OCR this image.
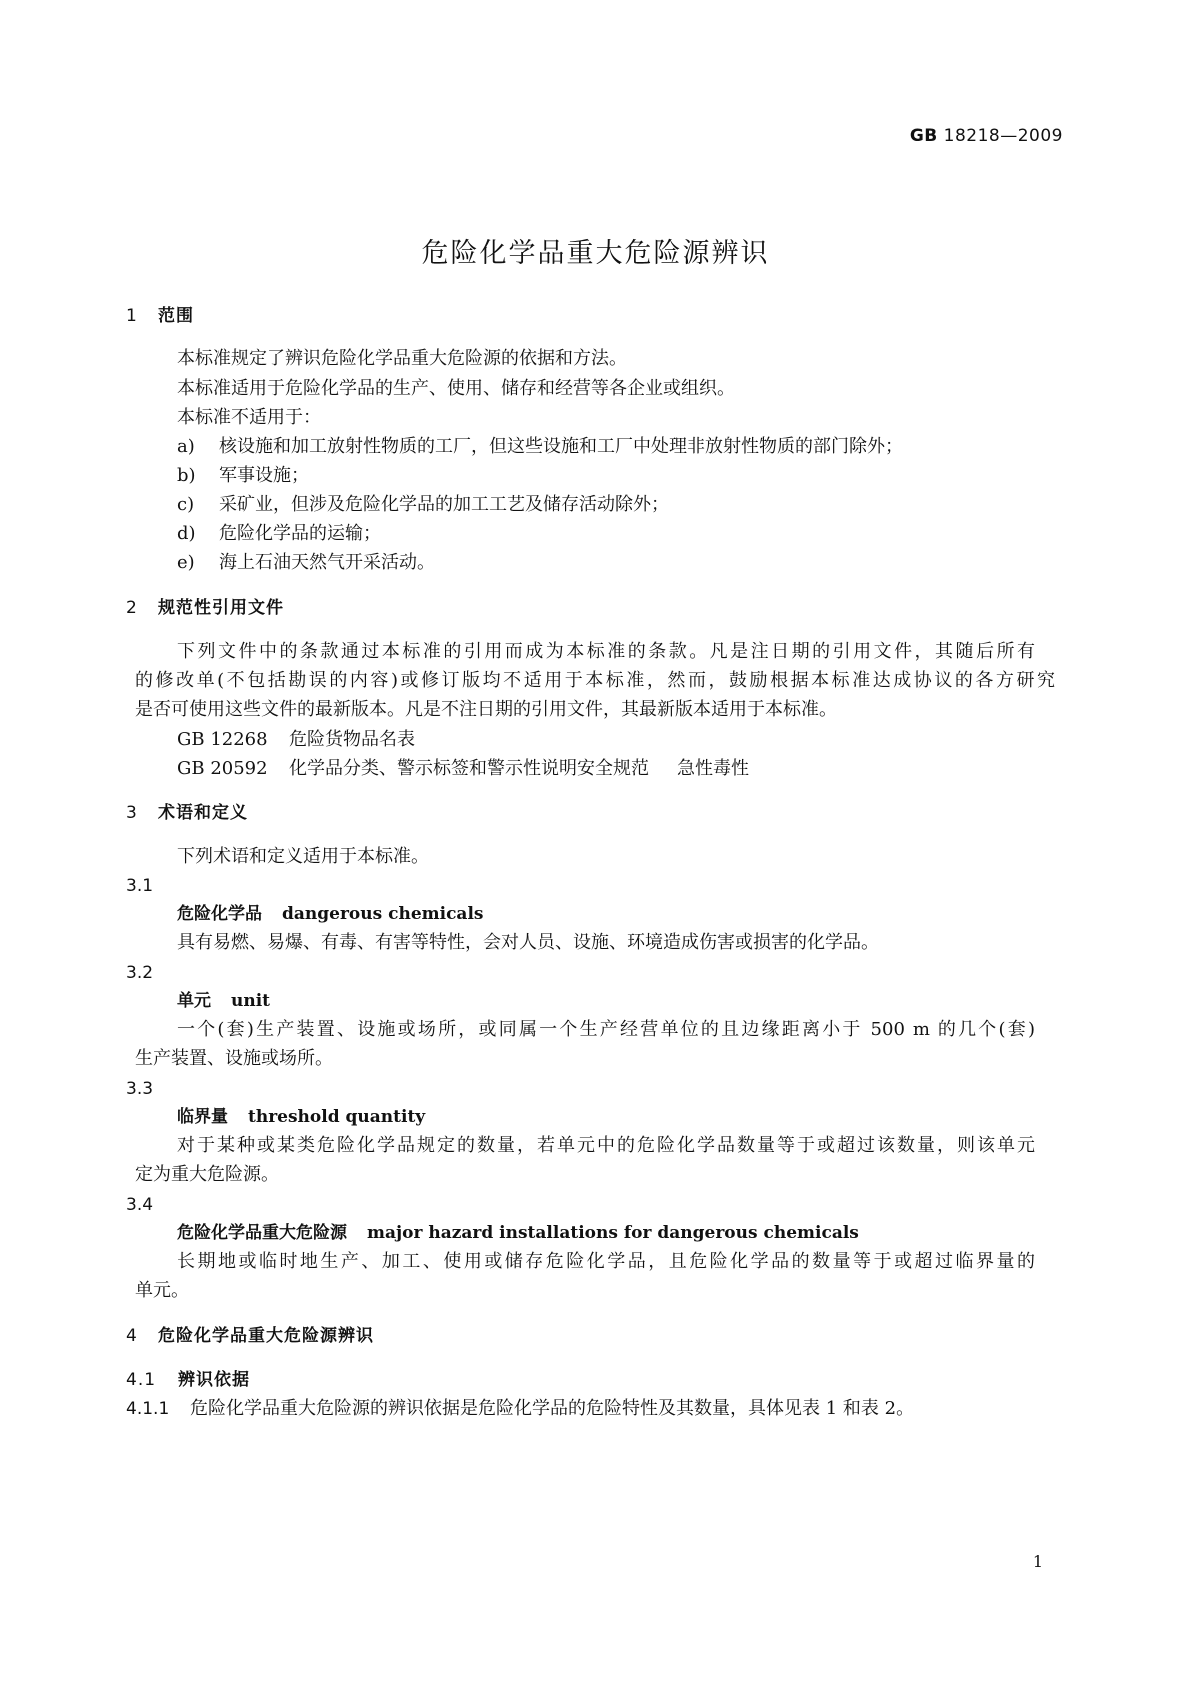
GB 18218—2009
危险化学品重大危险源辨识
1 范围
本标准规定了辨识危险化学品重大危险源的依据和方法。
本标准适用于危险化学品的生产、使用、储存和经营等各企业或组织。
本标准不适用于：
a) 核设施和加工放射性物质的工厂，但这些设施和工厂中处理非放射性物质的部门除外；
b) 军事设施；
c) 采矿业，但涉及危险化学品的加工工艺及储存活动除外；
d) 危险化学品的运输；
e) 海上石油天然气开采活动。
2 规范性引用文件
下列文件中的条款通过本标准的引用而成为本标准的条款。凡是注日期的引用文件，其随后所有
的修改单(不包括勘误的内容)或修订版均不适用于本标准，然而，鼓励根据本标准达成协议的各方研究
是否可使用这些文件的最新版本。凡是不注日期的引用文件，其最新版本适用于本标准。
GB 12268 危险货物品名表
GB 20592 化学品分类、警示标签和警示性说明安全规范 急性毒性
3 术语和定义
下列术语和定义适用于本标准。
3.1
危险化学品 dangerous chemicals
具有易燃、易爆、有毒、有害等特性，会对人员、设施、环境造成伤害或损害的化学品。
3.2
单元 unit
一个(套)生产装置、设施或场所，或同属一个生产经营单位的且边缘距离小于 500 m 的几个(套)
生产装置、设施或场所。
3.3
临界量 threshold quantity
对于某种或某类危险化学品规定的数量，若单元中的危险化学品数量等于或超过该数量，则该单元
定为重大危险源。
3.4
危险化学品重大危险源 major hazard installations for dangerous chemicals
长期地或临时地生产、加工、使用或储存危险化学品，且危险化学品的数量等于或超过临界量的
单元。
4 危险化学品重大危险源辨识
4.1 辨识依据
4.1.1 危险化学品重大危险源的辨识依据是危险化学品的危险特性及其数量，具体见表 1 和表 2。
1
